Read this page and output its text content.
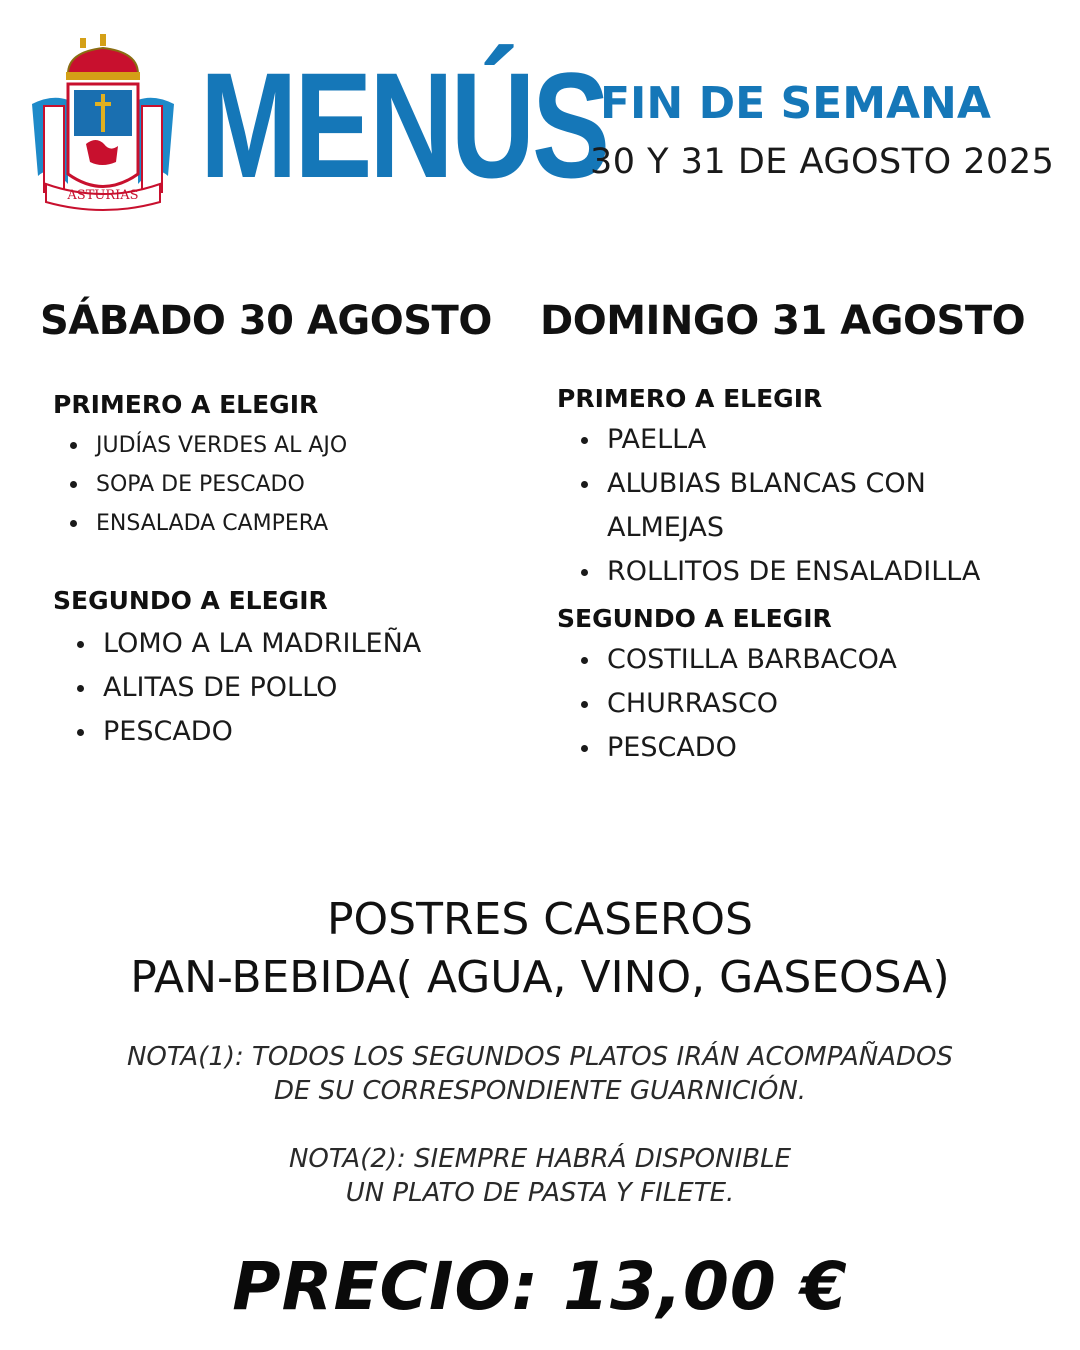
ASTURIAS MENÚS
FIN DE SEMANA
30 Y 31 DE AGOSTO 2025
SÁBADO 30 AGOSTO DOMINGO 31 AGOSTO
PRIMERO A ELEGIR
JUDÍAS VERDES AL AJO
SOPA DE PESCADO
ENSALADA CAMPERA
SEGUNDO A ELEGIR
LOMO A LA MADRILEÑA
ALITAS DE POLLO
PESCADO
PRIMERO A ELEGIR
PAELLA
ALUBIAS BLANCAS CON
ALMEJAS
ROLLITOS DE ENSALADILLA
SEGUNDO A ELEGIR
COSTILLA BARBACOA
CHURRASCO
PESCADO
POSTRES CASEROS
PAN-BEBIDA( AGUA, VINO, GASEOSA)
NOTA(1): TODOS LOS SEGUNDOS PLATOS IRÁN ACOMPAÑADOS
DE SU CORRESPONDIENTE GUARNICIÓN.
NOTA(2): SIEMPRE HABRÁ DISPONIBLE
UN PLATO DE PASTA Y FILETE.
PRECIO: 13,00 €
